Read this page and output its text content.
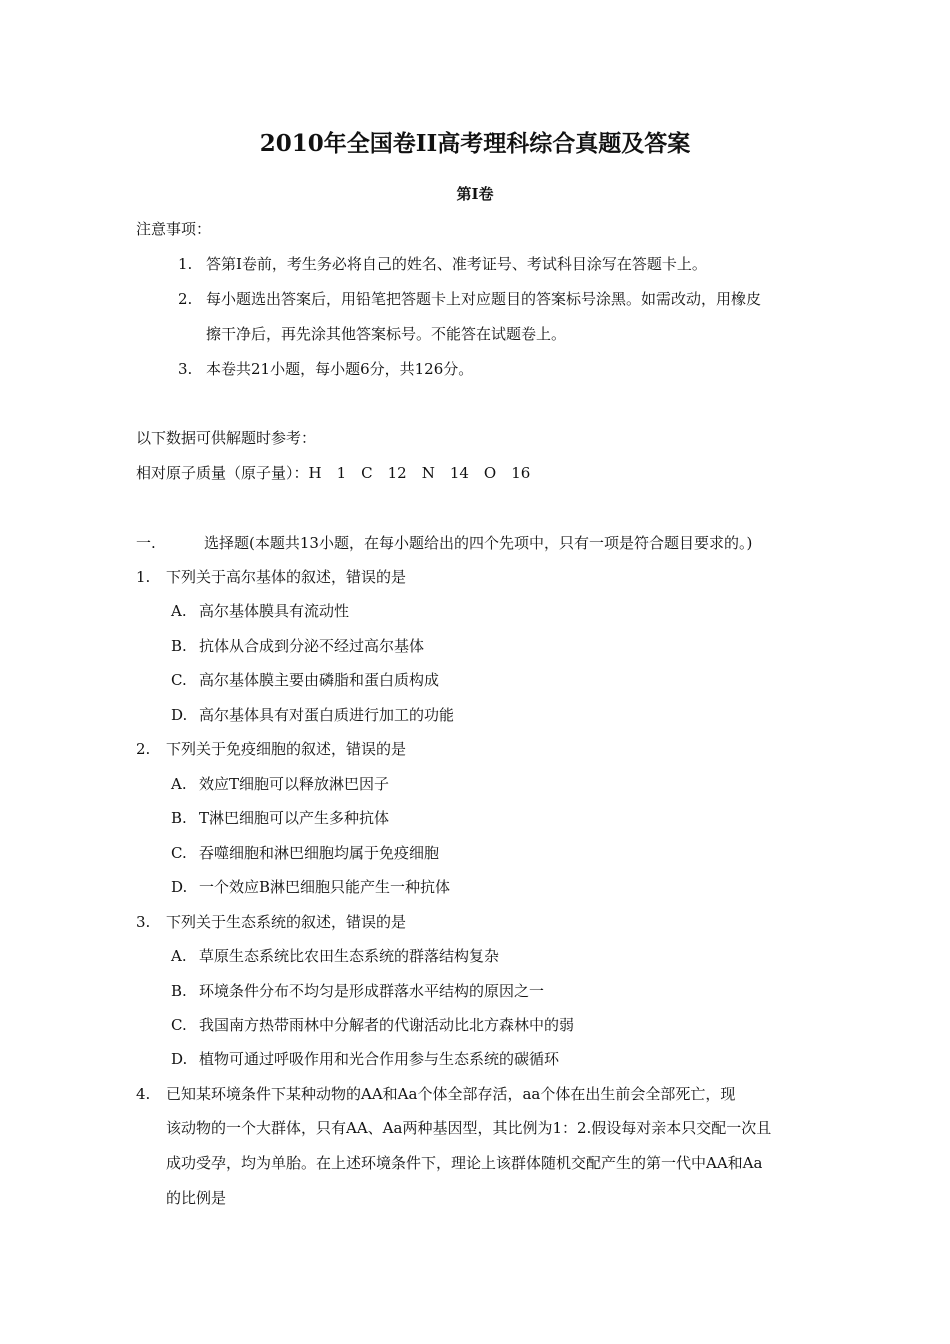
2010年全国卷ⅠⅠ高考理科综合真题及答案
第Ⅰ卷
注意事项：
1. 答第Ⅰ卷前，考生务必将自己的姓名、准考证号、考试科目涂写在答题卡上。
2. 每小题选出答案后，用铅笔把答题卡上对应题目的答案标号涂黑。如需改动，用橡皮
擦干净后，再先涂其他答案标号。不能答在试题卷上。
3. 本卷共21小题，每小题6分，共126分。
以下数据可供解题时参考：
相对原子质量（原子量）：H　1　C　12　N　14　O　16
一.	选择题(本题共13小题，在每小题给出的四个先项中，只有一项是符合题目要求的。)
1. 下列关于高尔基体的叙述，错误的是
A. 高尔基体膜具有流动性
B. 抗体从合成到分泌不经过高尔基体
C. 高尔基体膜主要由磷脂和蛋白质构成
D. 高尔基体具有对蛋白质进行加工的功能
2. 下列关于免疫细胞的叙述，错误的是
A. 效应T细胞可以释放淋巴因子
B. T淋巴细胞可以产生多种抗体
C. 吞噬细胞和淋巴细胞均属于免疫细胞
D. 一个效应B淋巴细胞只能产生一种抗体
3. 下列关于生态系统的叙述，错误的是
A. 草原生态系统比农田生态系统的群落结构复杂
B. 环境条件分布不均匀是形成群落水平结构的原因之一
C. 我国南方热带雨林中分解者的代谢活动比北方森林中的弱
D. 植物可通过呼吸作用和光合作用参与生态系统的碳循环
4. 已知某环境条件下某种动物的AA和Aa个体全部存活，aa个体在出生前会全部死亡，现
该动物的一个大群体，只有AA、Aa两种基因型，其比例为1：2.假设每对亲本只交配一次且
成功受孕，均为单胎。在上述环境条件下，理论上该群体随机交配产生的第一代中AA和Aa
的比例是
